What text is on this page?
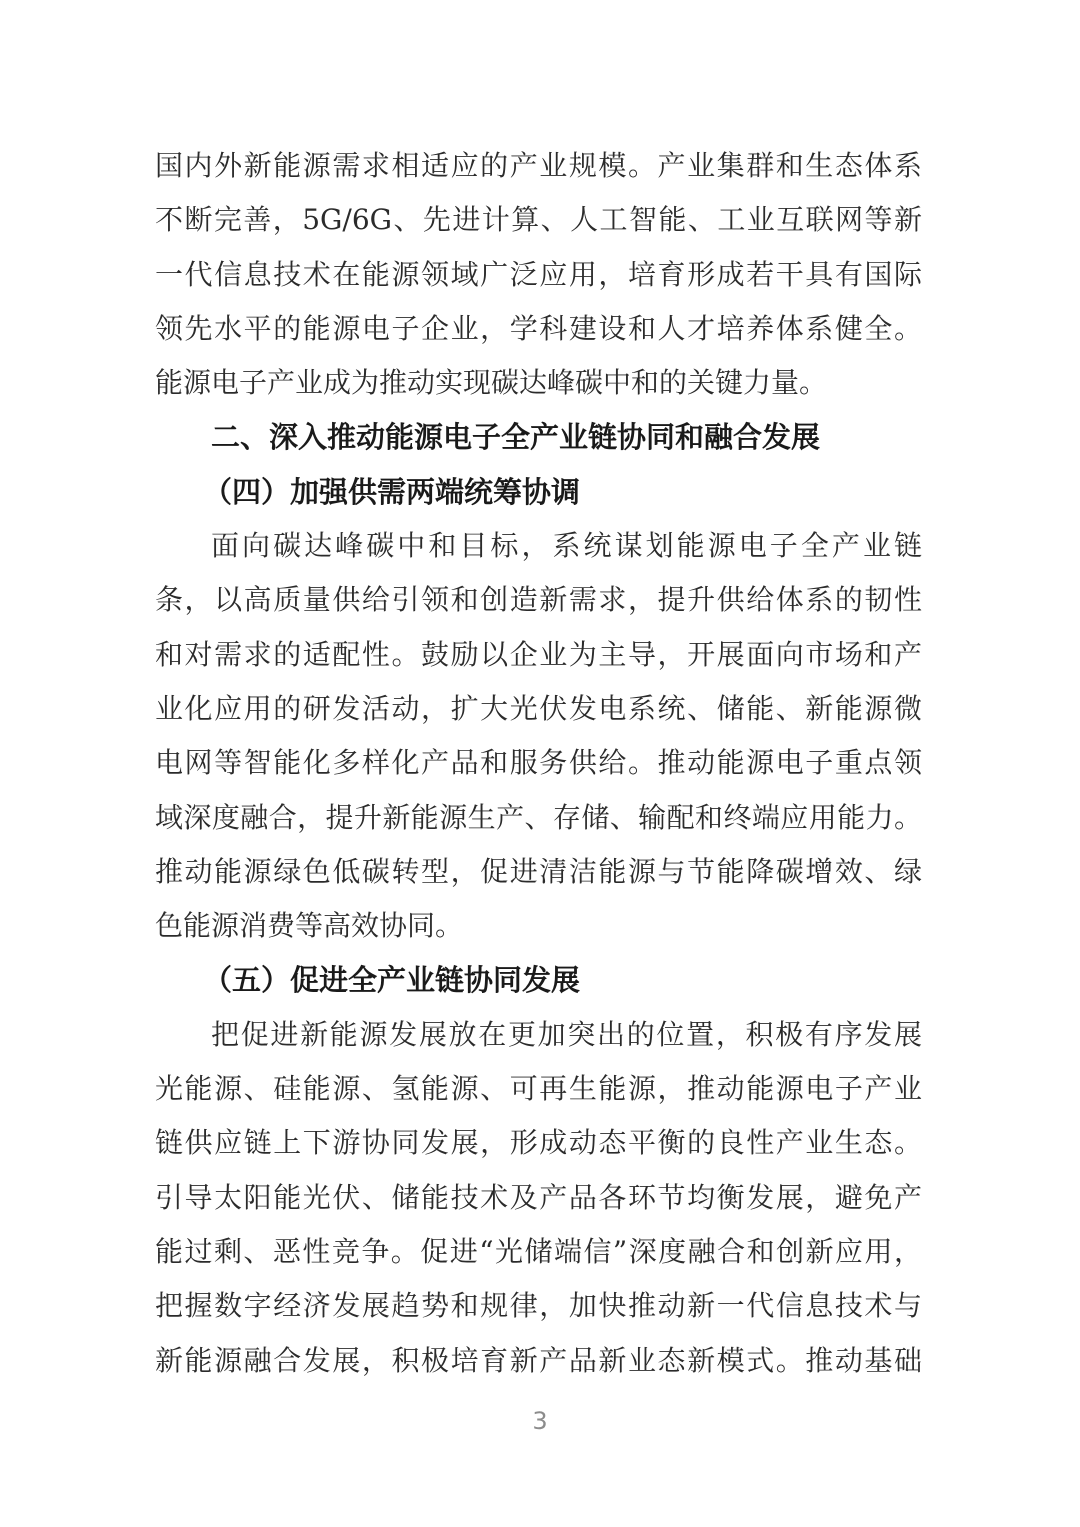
国内外新能源需求相适应的产业规模。产业集群和生态体系
不断完善，5G/6G、先进计算、人工智能、工业互联网等新
一代信息技术在能源领域广泛应用，培育形成若干具有国际
领先水平的能源电子企业，学科建设和人才培养体系健全。
能源电子产业成为推动实现碳达峰碳中和的关键力量。
二、深入推动能源电子全产业链协同和融合发展
（四）加强供需两端统筹协调
面向碳达峰碳中和目标，系统谋划能源电子全产业链
条，以高质量供给引领和创造新需求，提升供给体系的韧性
和对需求的适配性。鼓励以企业为主导，开展面向市场和产
业化应用的研发活动，扩大光伏发电系统、储能、新能源微
电网等智能化多样化产品和服务供给。推动能源电子重点领
域深度融合，提升新能源生产、存储、输配和终端应用能力。
推动能源绿色低碳转型，促进清洁能源与节能降碳增效、绿
色能源消费等高效协同。
（五）促进全产业链协同发展
把促进新能源发展放在更加突出的位置，积极有序发展
光能源、硅能源、氢能源、可再生能源，推动能源电子产业
链供应链上下游协同发展，形成动态平衡的良性产业生态。
引导太阳能光伏、储能技术及产品各环节均衡发展，避免产
能过剩、恶性竞争。促进“光储端信”深度融合和创新应用，
把握数字经济发展趋势和规律，加快推动新一代信息技术与
新能源融合发展，积极培育新产品新业态新模式。推动基础
3
